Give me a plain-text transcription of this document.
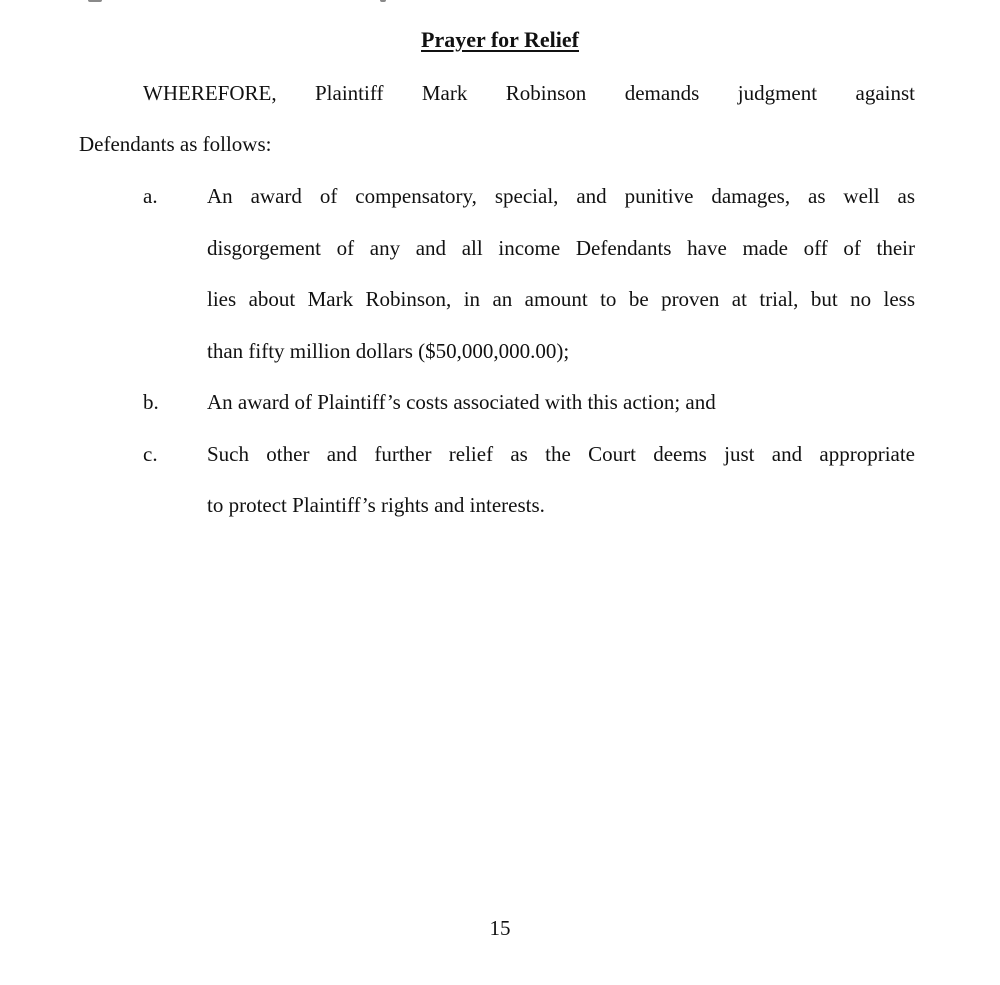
Prayer for Relief
WHEREFORE, Plaintiff Mark Robinson demands judgment against
Defendants as follows:
a. An award of compensatory, special, and punitive damages, as well as
disgorgement of any and all income Defendants have made off of their
lies about Mark Robinson, in an amount to be proven at trial, but no less
than fifty million dollars ($50,000,000.00);
b. An award of Plaintiff’s costs associated with this action; and
c. Such other and further relief as the Court deems just and appropriate
to protect Plaintiff’s rights and interests.
15
